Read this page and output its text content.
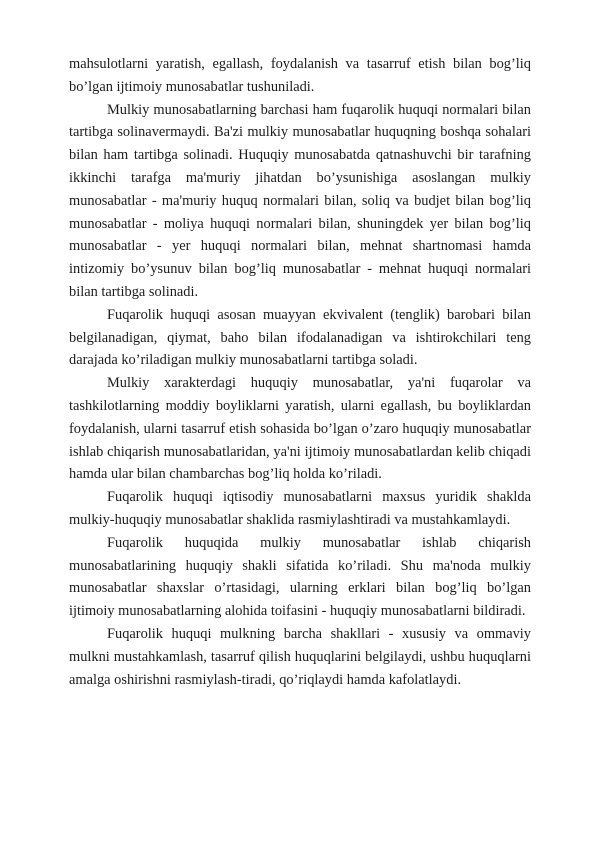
mahsulotlarni yaratish, egallash, foydalanish va tasarruf etish bilan bog’liq bo’lgan ijtimoiy munosabatlar tushuniladi.

Mulkiy munosabatlarning barchasi ham fuqarolik huquqi normalari bilan tartibga solinavermaydi. Ba'zi mulkiy munosabatlar huquqning boshqa sohalari bilan ham tartibga solinadi. Huquqiy munosabatda qatnashuvchi bir tarafning ikkinchi tarafga ma'muriy jihatdan bo’ysunishiga asoslangan mulkiy munosabatlar - ma'muriy huquq normalari bilan, soliq va budjet bilan bog’liq munosabatlar - moliya huquqi normalari bilan, shuningdek yer bilan bog’liq munosabatlar - yer huquqi normalari bilan, mehnat shartnomasi hamda intizomiy bo’ysunuv bilan bog’liq munosabatlar - mehnat huquqi normalari bilan tartibga solinadi.

Fuqarolik huquqi asosan muayyan ekvivalent (tenglik) barobari bilan belgilanadigan, qiymat, baho bilan ifodalanadigan va ishtirokchilari teng darajada ko’riladigan mulkiy munosabatlarni tartibga soladi.

Mulkiy xarakterdagi huquqiy munosabatlar, ya'ni fuqarolar va tashkilotlarning moddiy boyliklarni yaratish, ularni egallash, bu boyliklardan foydalanish, ularni tasarruf etish sohasida bo’lgan o’zaro huquqiy munosabatlar ishlab chiqarish munosabatlaridan, ya'ni ijtimoiy munosabatlardan kelib chiqadi hamda ular bilan chambarchas bog’liq holda ko’riladi.

Fuqarolik huquqi iqtisodiy munosabatlarni maxsus yuridik shaklda mulkiy-huquqiy munosabatlar shaklida rasmiylashtiradi va mustahkamlaydi.

Fuqarolik huquqida mulkiy munosabatlar ishlab chiqarish munosabatlarining huquqiy shakli sifatida ko’riladi. Shu ma'noda mulkiy munosabatlar shaxslar o’rtasidagi, ularning erklari bilan bog’liq bo’lgan ijtimoiy munosabatlarning alohida toifasini - huquqiy munosabatlarni bildiradi.

Fuqarolik huquqi mulkning barcha shakllari - xususiy va ommaviy mulkni mustahkamlash, tasarruf qilish huquqlarini belgilaydi, ushbu huquqlarni amalga oshirishni rasmiylash-tiradi, qo’riqlaydi hamda kafolatlaydi.
